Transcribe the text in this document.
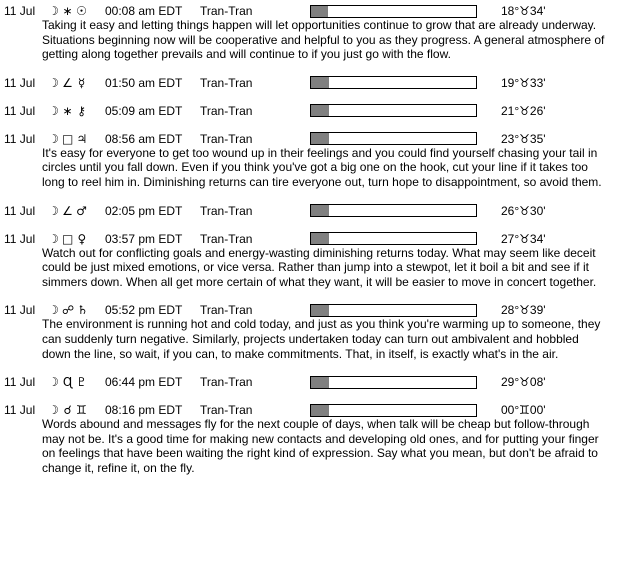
11 Jul	☽ ∗ ☉ 00:08 am EDT	Tran-Tran	18°♉34'
Taking it easy and letting things happen will let opportunities continue to grow that are already underway. Situations beginning now will be cooperative and helpful to you as they progress. A general atmosphere of getting along together prevails and will continue to if you just go with the flow.
11 Jul	☽ ∠ ☿ 01:50 am EDT	Tran-Tran	19°♉33'
11 Jul	☽ ∗ ⚷ 05:09 am EDT	Tran-Tran	21°♉26'
11 Jul	☽ □ ♃ 08:56 am EDT	Tran-Tran	23°♉35'
It's easy for everyone to get too wound up in their feelings and you could find yourself chasing your tail in circles until you fall down. Even if you think you've got a big one on the hook, cut your line if it takes too long to reel him in. Diminishing returns can tire everyone out, turn hope to disappointment, so avoid them.
11 Jul	☽ ∠ ♂ 02:05 pm EDT	Tran-Tran	26°♉30'
11 Jul	☽ □ ♀ 03:57 pm EDT	Tran-Tran	27°♉34'
Watch out for conflicting goals and energy-wasting diminishing returns today. What may seem like deceit could be just mixed emotions, or vice versa. Rather than jump into a stewpot, let it boil a bit and see if it simmers down. When all get more certain of what they want, it will be easier to move in concert together.
11 Jul	☽ ☍ ♄ 05:52 pm EDT	Tran-Tran	28°♉39'
The environment is running hot and cold today, and just as you think you're warming up to someone, they can suddenly turn negative. Similarly, projects undertaken today can turn out ambivalent and hobbled down the line, so wait, if you can, to make commitments. That, in itself, is exactly what's in the air.
11 Jul	☽ Ɋ ♇ 06:44 pm EDT	Tran-Tran	29°♉08'
11 Jul	☽ ☌ ♊ 08:16 pm EDT	Tran-Tran	00°♊00'
Words abound and messages fly for the next couple of days, when talk will be cheap but follow-through may not be. It's a good time for making new contacts and developing old ones, and for putting your finger on feelings that have been waiting the right kind of expression. Say what you mean, but don't be afraid to change it, refine it, on the fly.
